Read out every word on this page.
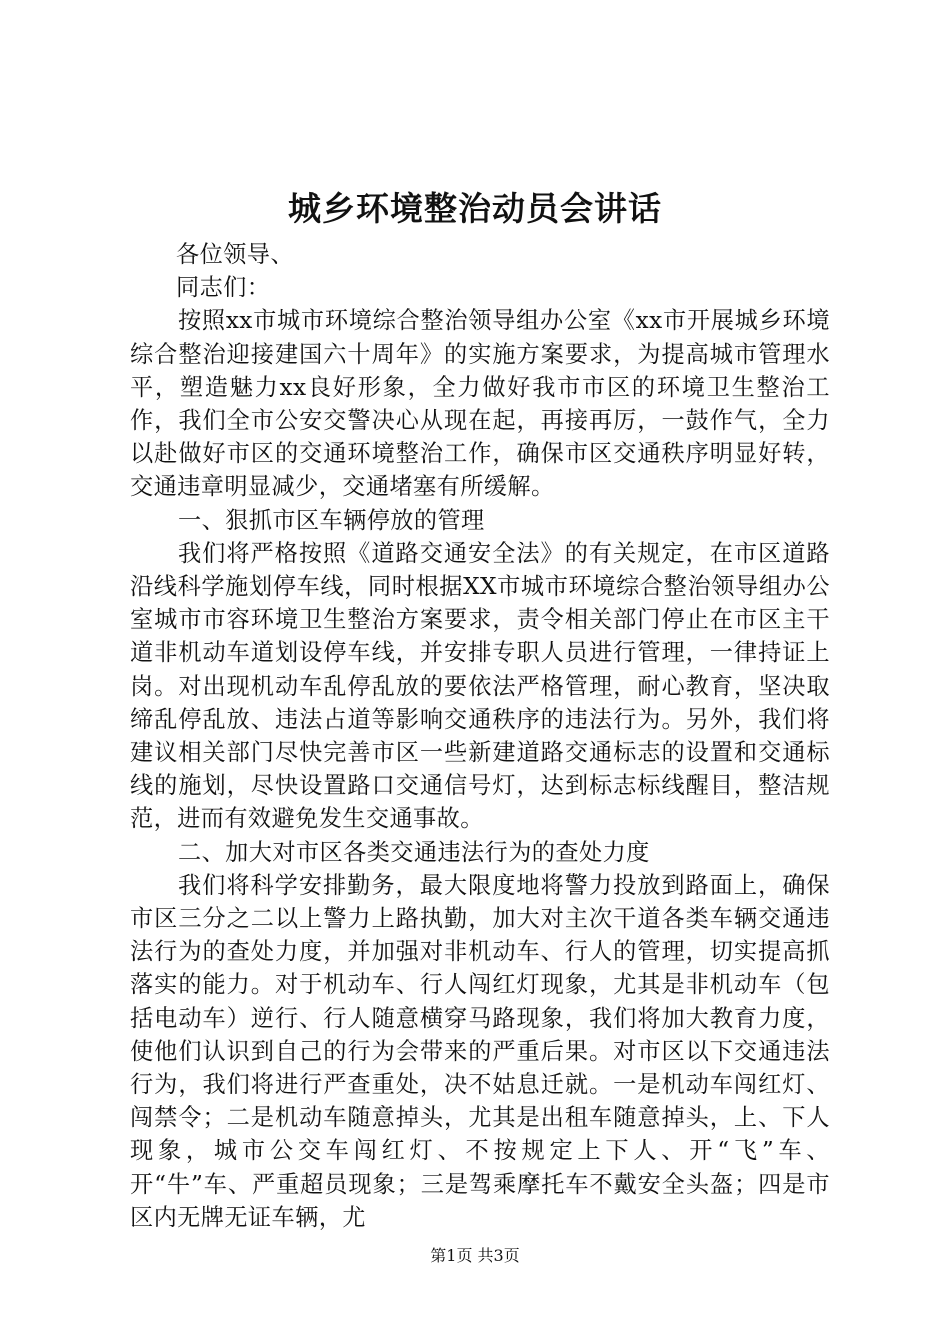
城乡环境整治动员会讲话

各位领导、

同志们：

按照xx市城市环境综合整治领导组办公室《xx市开展城乡环境综合整治迎接建国六十周年》的实施方案要求，为提高城市管理水平，塑造魅力xx良好形象，全力做好我市市区的环境卫生整治工作，我们全市公安交警决心从现在起，再接再厉，一鼓作气，全力以赴做好市区的交通环境整治工作，确保市区交通秩序明显好转，交通违章明显减少，交通堵塞有所缓解。

一、狠抓市区车辆停放的管理

我们将严格按照《道路交通安全法》的有关规定，在市区道路沿线科学施划停车线，同时根据XX市城市环境综合整治领导组办公室城市市容环境卫生整治方案要求，责令相关部门停止在市区主干道非机动车道划设停车线，并安排专职人员进行管理，一律持证上岗。对出现机动车乱停乱放的要依法严格管理，耐心教育，坚决取缔乱停乱放、违法占道等影响交通秩序的违法行为。另外，我们将建议相关部门尽快完善市区一些新建道路交通标志的设置和交通标线的施划，尽快设置路口交通信号灯，达到标志标线醒目，整洁规范，进而有效避免发生交通事故。

二、加大对市区各类交通违法行为的查处力度

我们将科学安排勤务，最大限度地将警力投放到路面上，确保市区三分之二以上警力上路执勤，加大对主次干道各类车辆交通违法行为的查处力度，并加强对非机动车、行人的管理，切实提高抓落实的能力。对于机动车、行人闯红灯现象，尤其是非机动车（包括电动车）逆行、行人随意横穿马路现象，我们将加大教育力度，使他们认识到自己的行为会带来的严重后果。对市区以下交通违法行为，我们将进行严查重处，决不姑息迁就。一是机动车闯红灯、闯禁令；二是机动车随意掉头，尤其是出租车随意掉头，上、下人现象，城市公交车闯红灯、不按规定上下人、开“飞”车、开“牛”车、严重超员现象；三是驾乘摩托车不戴安全头盔；四是市区内无牌无证车辆，尤

第1页 共3页
